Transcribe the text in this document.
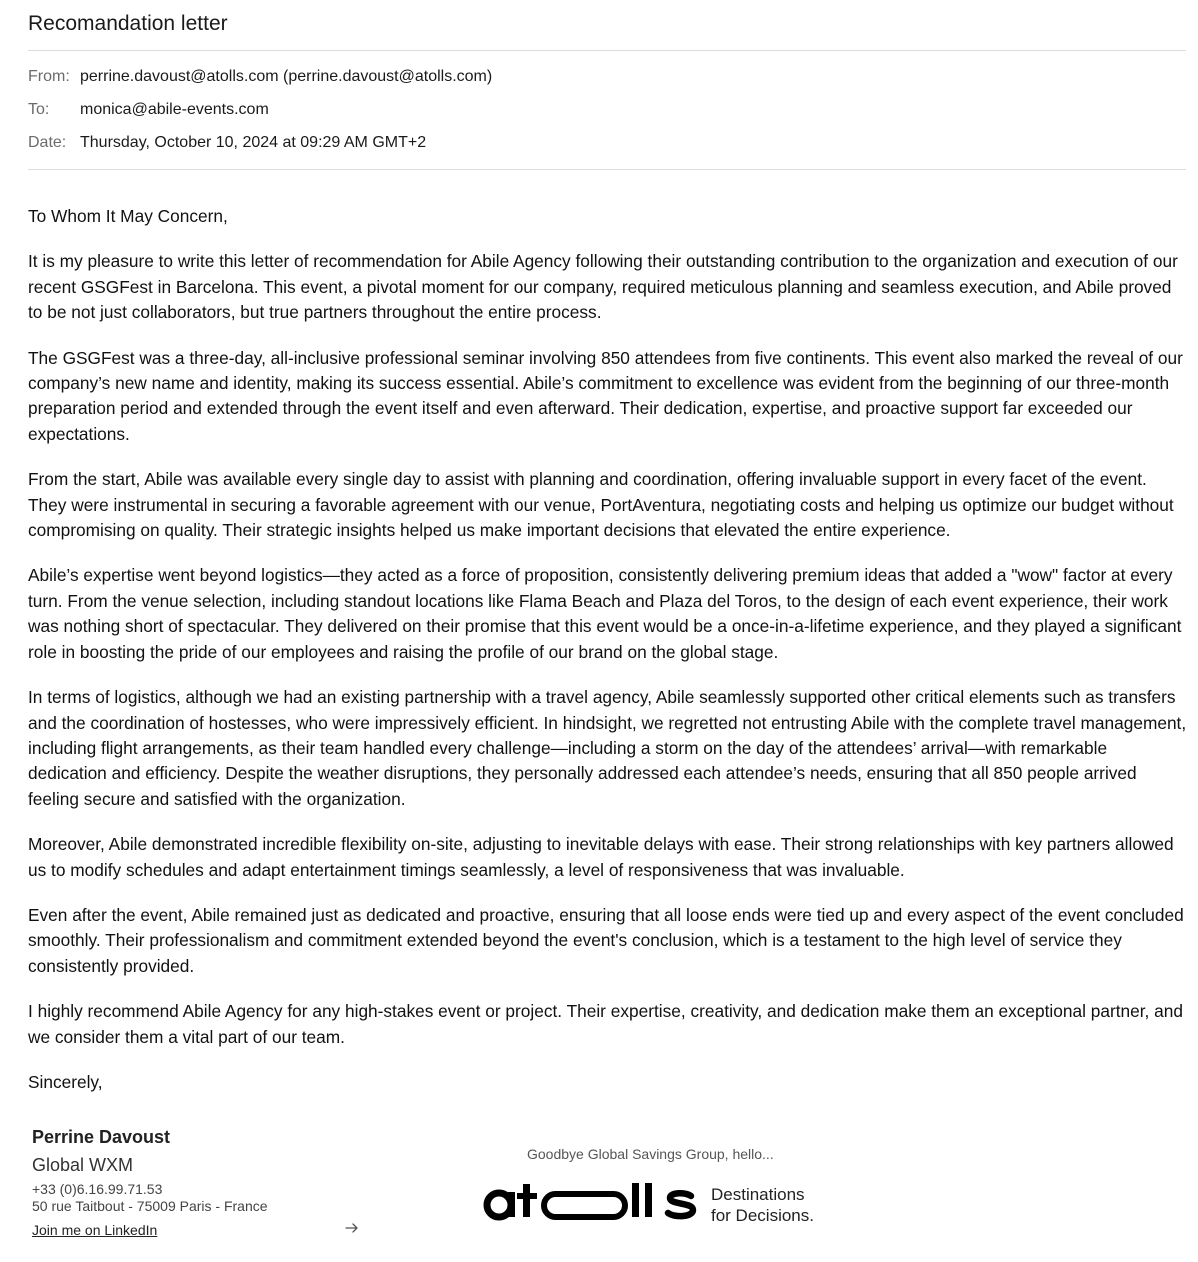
Recomandation letter
From: perrine.davoust@atolls.com (perrine.davoust@atolls.com)
To: monica@abile-events.com
Date: Thursday, October 10, 2024 at 09:29 AM GMT+2

To Whom It May Concern,

It is my pleasure to write this letter of recommendation for Abile Agency following their outstanding contribution to the organization and execution of our recent GSGFest in Barcelona. This event, a pivotal moment for our company, required meticulous planning and seamless execution, and Abile proved to be not just collaborators, but true partners throughout the entire process.

The GSGFest was a three-day, all-inclusive professional seminar involving 850 attendees from five continents. This event also marked the reveal of our company’s new name and identity, making its success essential. Abile’s commitment to excellence was evident from the beginning of our three-month preparation period and extended through the event itself and even afterward. Their dedication, expertise, and proactive support far exceeded our expectations.

From the start, Abile was available every single day to assist with planning and coordination, offering invaluable support in every facet of the event. They were instrumental in securing a favorable agreement with our venue, PortAventura, negotiating costs and helping us optimize our budget without compromising on quality. Their strategic insights helped us make important decisions that elevated the entire experience.

Abile’s expertise went beyond logistics—they acted as a force of proposition, consistently delivering premium ideas that added a "wow" factor at every turn. From the venue selection, including standout locations like Flama Beach and Plaza del Toros, to the design of each event experience, their work was nothing short of spectacular. They delivered on their promise that this event would be a once-in-a-lifetime experience, and they played a significant role in boosting the pride of our employees and raising the profile of our brand on the global stage.

In terms of logistics, although we had an existing partnership with a travel agency, Abile seamlessly supported other critical elements such as transfers and the coordination of hostesses, who were impressively efficient. In hindsight, we regretted not entrusting Abile with the complete travel management, including flight arrangements, as their team handled every challenge—including a storm on the day of the attendees’ arrival—with remarkable dedication and efficiency. Despite the weather disruptions, they personally addressed each attendee’s needs, ensuring that all 850 people arrived feeling secure and satisfied with the organization.

Moreover, Abile demonstrated incredible flexibility on-site, adjusting to inevitable delays with ease. Their strong relationships with key partners allowed us to modify schedules and adapt entertainment timings seamlessly, a level of responsiveness that was invaluable.

Even after the event, Abile remained just as dedicated and proactive, ensuring that all loose ends were tied up and every aspect of the event concluded smoothly. Their professionalism and commitment extended beyond the event's conclusion, which is a testament to the high level of service they consistently provided.

I highly recommend Abile Agency for any high-stakes event or project. Their expertise, creativity, and dedication make them an exceptional partner, and we consider them a vital part of our team.

Sincerely,

Perrine Davoust
Global WXM
+33 (0)6.16.99.71.53
50 rue Taitbout - 75009 Paris - France
Join me on LinkedIn
Goodbye Global Savings Group, hello...
Destinations
for Decisions.
